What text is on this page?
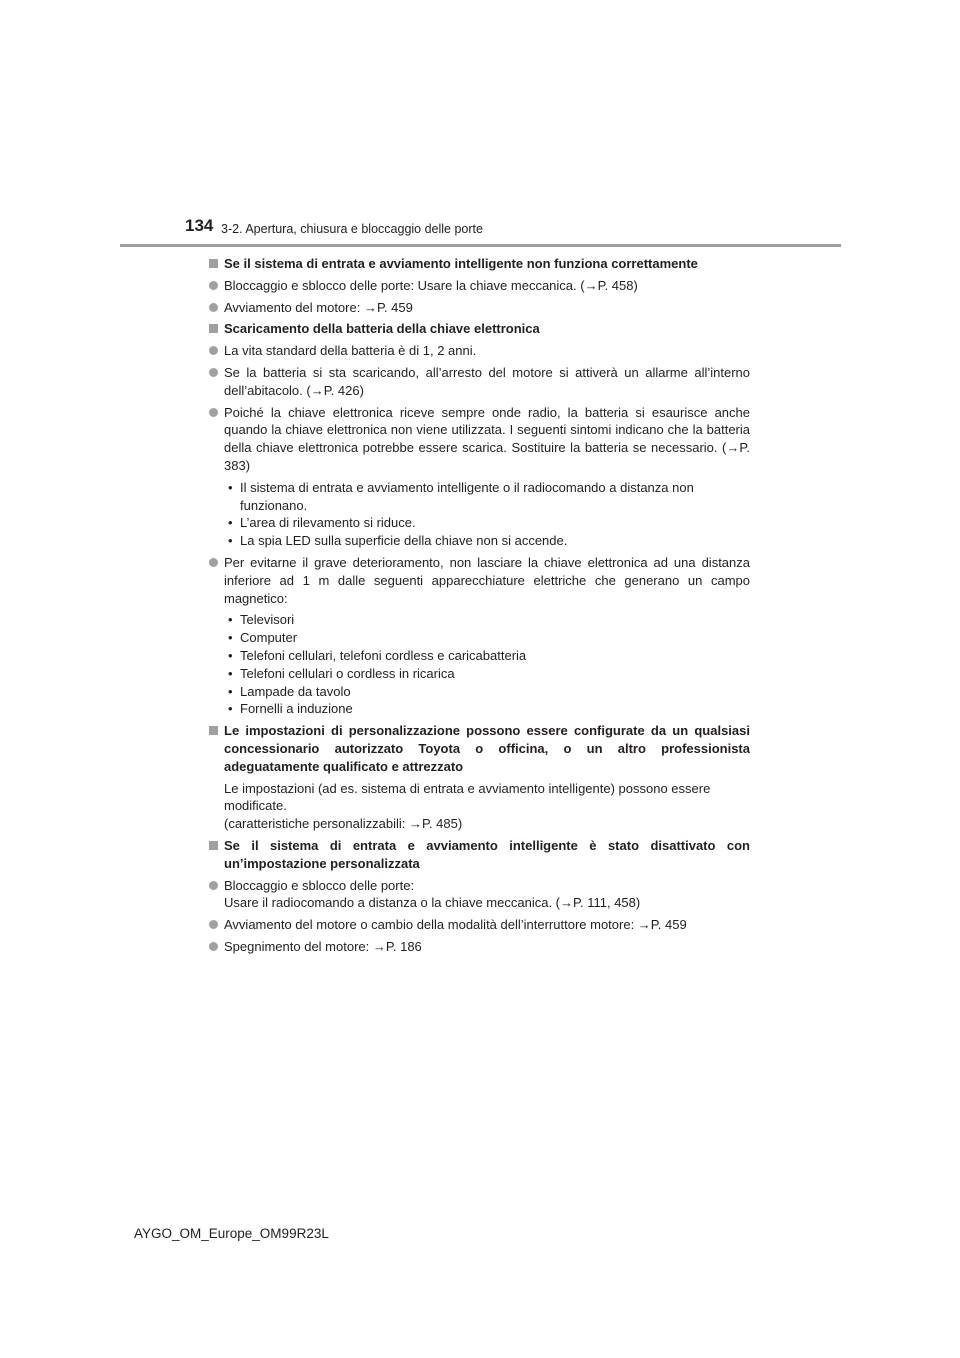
134 3-2. Apertura, chiusura e bloccaggio delle porte
Se il sistema di entrata e avviamento intelligente non funziona correttamente
Bloccaggio e sblocco delle porte: Usare la chiave meccanica. (→P. 458)
Avviamento del motore: →P. 459
Scaricamento della batteria della chiave elettronica
La vita standard della batteria è di 1, 2 anni.
Se la batteria si sta scaricando, all’arresto del motore si attiverà un allarme all’interno dell’abitacolo. (→P. 426)
Poiché la chiave elettronica riceve sempre onde radio, la batteria si esaurisce anche quando la chiave elettronica non viene utilizzata. I seguenti sintomi indicano che la batteria della chiave elettronica potrebbe essere scarica. Sostituire la batteria se necessario. (→P. 383)
• Il sistema di entrata e avviamento intelligente o il radiocomando a distanza non funzionano.
• L’area di rilevamento si riduce.
• La spia LED sulla superficie della chiave non si accende.
Per evitarne il grave deterioramento, non lasciare la chiave elettronica ad una distanza inferiore ad 1 m dalle seguenti apparecchiature elettriche che generano un campo magnetico:
• Televisori
• Computer
• Telefoni cellulari, telefoni cordless e caricabatteria
• Telefoni cellulari o cordless in ricarica
• Lampade da tavolo
• Fornelli a induzione
Le impostazioni di personalizzazione possono essere configurate da un qualsiasi concessionario autorizzato Toyota o officina, o un altro professionista adeguatamente qualificato e attrezzato
Le impostazioni (ad es. sistema di entrata e avviamento intelligente) possono essere modificate.
(caratteristiche personalizzabili: →P. 485)
Se il sistema di entrata e avviamento intelligente è stato disattivato con un’impostazione personalizzata
Bloccaggio e sblocco delle porte:
Usare il radiocomando a distanza o la chiave meccanica. (→P. 111, 458)
Avviamento del motore o cambio della modalità dell’interruttore motore: →P. 459
Spegnimento del motore: →P. 186
AYGO_OM_Europe_OM99R23L
